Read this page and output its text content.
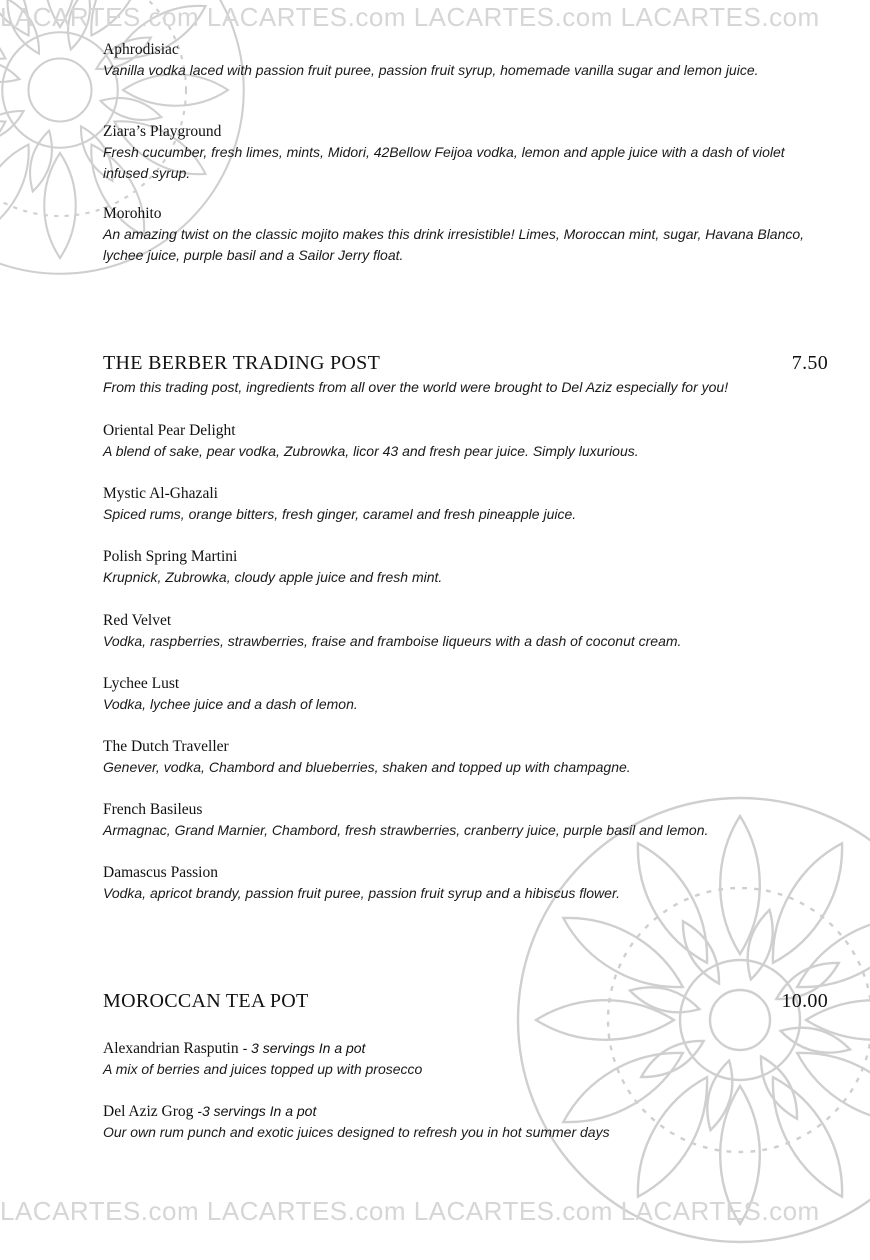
LACARTES.com LACARTES.com LACARTES.com LACARTES.com
LACARTES.com LACARTES.com LACARTES.com LACARTES.com
Aphrodisiac
Vanilla vodka laced with passion fruit puree, passion fruit syrup, homemade vanilla sugar and lemon juice.
Ziara’s Playground
Fresh cucumber, fresh limes, mints, Midori, 42Bellow Feijoa vodka, lemon and apple juice with a dash of violet infused syrup.
Morohito
An amazing twist on the classic mojito makes this drink irresistible! Limes, Moroccan mint, sugar, Havana Blanco, lychee juice, purple basil and a Sailor Jerry float.
THE BERBER TRADING POST	7.50
From this trading post, ingredients from all over the world were brought to Del Aziz especially for you!
Oriental Pear Delight
A blend of sake, pear vodka, Zubrowka, licor 43 and fresh pear juice. Simply luxurious.
Mystic Al-Ghazali
Spiced rums, orange bitters, fresh ginger, caramel and fresh pineapple juice.
Polish Spring Martini
Krupnick, Zubrowka, cloudy apple juice and fresh mint.
Red Velvet
Vodka, raspberries, strawberries, fraise and framboise liqueurs with a dash of coconut cream.
Lychee Lust
Vodka, lychee juice and a dash of lemon.
The Dutch Traveller
Genever, vodka, Chambord and blueberries, shaken and topped up with champagne.
French Basileus
Armagnac, Grand Marnier, Chambord, fresh strawberries, cranberry juice, purple basil and lemon.
Damascus Passion
Vodka, apricot brandy, passion fruit puree, passion fruit syrup and a hibiscus flower.
MOROCCAN TEA POT	10.00
Alexandrian Rasputin - 3 servings In a pot
A mix of berries and juices topped up with prosecco
Del Aziz Grog -3 servings In a pot
Our own rum punch and exotic juices designed to refresh you in hot summer days
